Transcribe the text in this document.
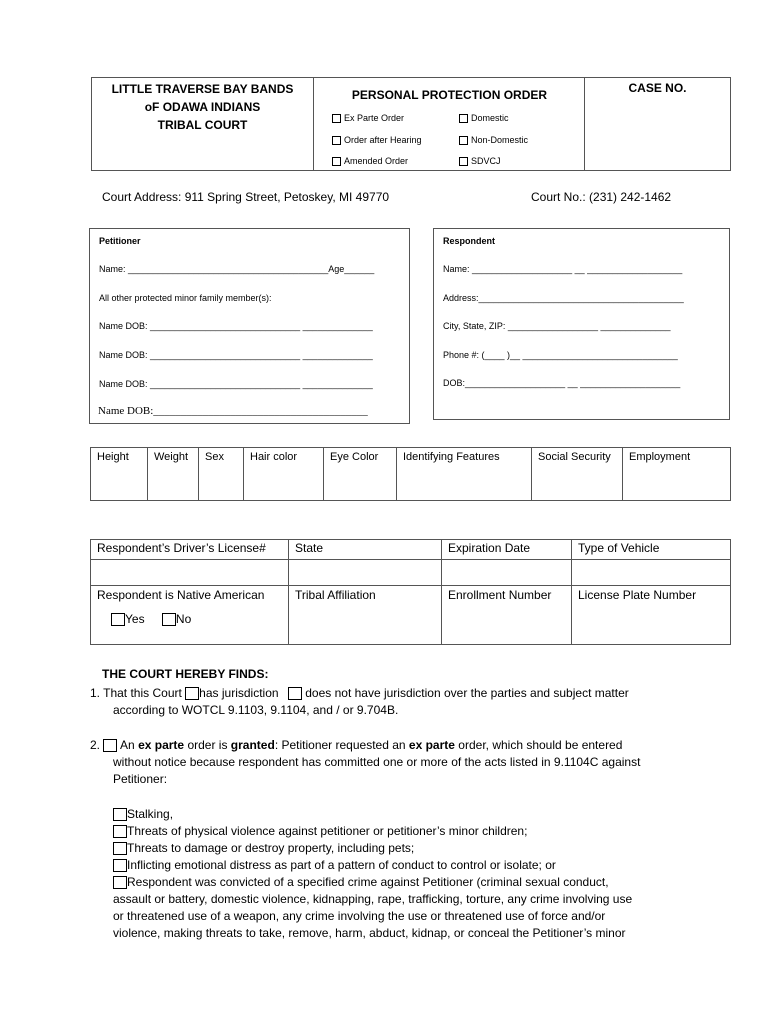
LITTLE TRAVERSE BAY BANDS
oF ODAWA INDIANS
TRIBAL COURT
PERSONAL PROTECTION ORDER
Ex Parte Order
Order after Hearing
Amended Order
Domestic
Non-Domestic
SDVCJ
CASE NO.
Court Address: 911 Spring Street, Petoskey, MI 49770	Court No.: (231) 242-1462
Petitioner
Name: ________________________________________Age______
All other protected minor family member(s):
Name DOB: ______________________________ ______________
Name DOB: ______________________________ ______________
Name DOB: ______________________________ ______________
Name DOB:_______________________________________
Respondent
Name: ____________________ __ ___________________
Address:_________________________________________
City, State, ZIP: __________________ ______________
Phone #: (____ )__ _______________________________
DOB:____________________ __ ____________________
Height	Weight	Sex	Hair color	Eye Color	Identifying Features	Social Security	Employment
Respondent’s Driver’s License#	State	Expiration Date	Type of Vehicle

Respondent is Native American	Tribal Affiliation	Enrollment Number	License Plate Number
Yes No			
THE COURT HEREBY FINDS:
1. That this Court has jurisdiction does not have jurisdiction over the parties and subject matter
according to WOTCL 9.1103, 9.1104, and / or 9.704B.
2. An ex parte order is granted: Petitioner requested an ex parte order, which should be entered
without notice because respondent has committed one or more of the acts listed in 9.1104C against
Petitioner:
Stalking,
Threats of physical violence against petitioner or petitioner’s minor children;
Threats to damage or destroy property, including pets;
Inflicting emotional distress as part of a pattern of conduct to control or isolate; or
Respondent was convicted of a specified crime against Petitioner (criminal sexual conduct,
assault or battery, domestic violence, kidnapping, rape, trafficking, torture, any crime involving use
or threatened use of a weapon, any crime involving the use or threatened use of force and/or
violence, making threats to take, remove, harm, abduct, kidnap, or conceal the Petitioner’s minor
